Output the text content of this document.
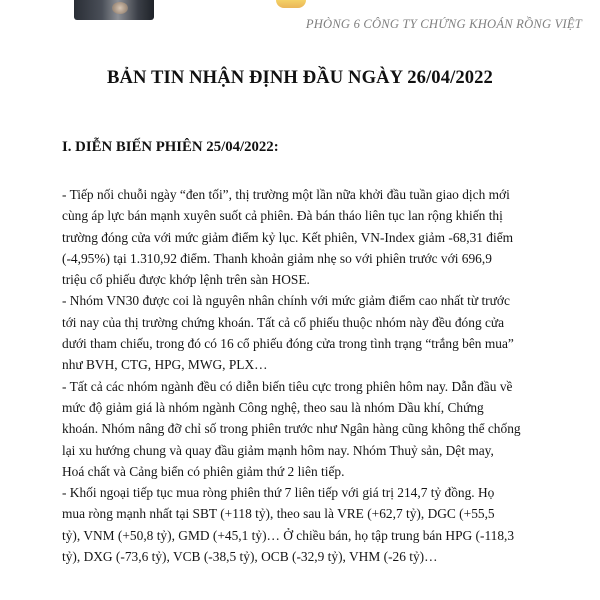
PHÒNG 6 CÔNG TY CHỨNG KHOÁN RỒNG VIỆT
BẢN TIN NHẬN ĐỊNH ĐẦU NGÀY 26/04/2022
I. DIỄN BIẾN PHIÊN 25/04/2022:
- Tiếp nối chuỗi ngày “đen tối”, thị trường một lần nữa khởi đầu tuần giao dịch mới
cùng áp lực bán mạnh xuyên suốt cả phiên. Đà bán tháo liên tục lan rộng khiến thị
trường đóng cửa với mức giảm điểm kỷ lục. Kết phiên, VN-Index giảm -68,31 điểm
(-4,95%) tại 1.310,92 điểm. Thanh khoản giảm nhẹ so với phiên trước với 696,9
triệu cổ phiếu được khớp lệnh trên sàn HOSE.
- Nhóm VN30 được coi là nguyên nhân chính với mức giảm điểm cao nhất từ trước
tới nay của thị trường chứng khoán. Tất cả cổ phiếu thuộc nhóm này đều đóng cửa
dưới tham chiếu, trong đó có 16 cổ phiếu đóng cửa trong tình trạng “trắng bên mua”
như BVH, CTG, HPG, MWG, PLX…
- Tất cả các nhóm ngành đều có diễn biến tiêu cực trong phiên hôm nay. Dẫn đầu về
mức độ giảm giá là nhóm ngành Công nghệ, theo sau là nhóm Dầu khí, Chứng
khoán. Nhóm nâng đỡ chỉ số trong phiên trước như Ngân hàng cũng không thể chống
lại xu hướng chung và quay đầu giảm mạnh hôm nay. Nhóm Thuỷ sản, Dệt may,
Hoá chất và Cảng biển có phiên giảm thứ 2 liên tiếp.
- Khối ngoại tiếp tục mua ròng phiên thứ 7 liên tiếp với giá trị 214,7 tỷ đồng. Họ
mua ròng mạnh nhất tại SBT (+118 tỷ), theo sau là VRE (+62,7 tỷ), DGC (+55,5
tỷ), VNM (+50,8 tỷ), GMD (+45,1 tỷ)… Ở chiều bán, họ tập trung bán HPG (-118,3
tỷ), DXG (-73,6 tỷ), VCB (-38,5 tỷ), OCB (-32,9 tỷ), VHM (-26 tỷ)…
